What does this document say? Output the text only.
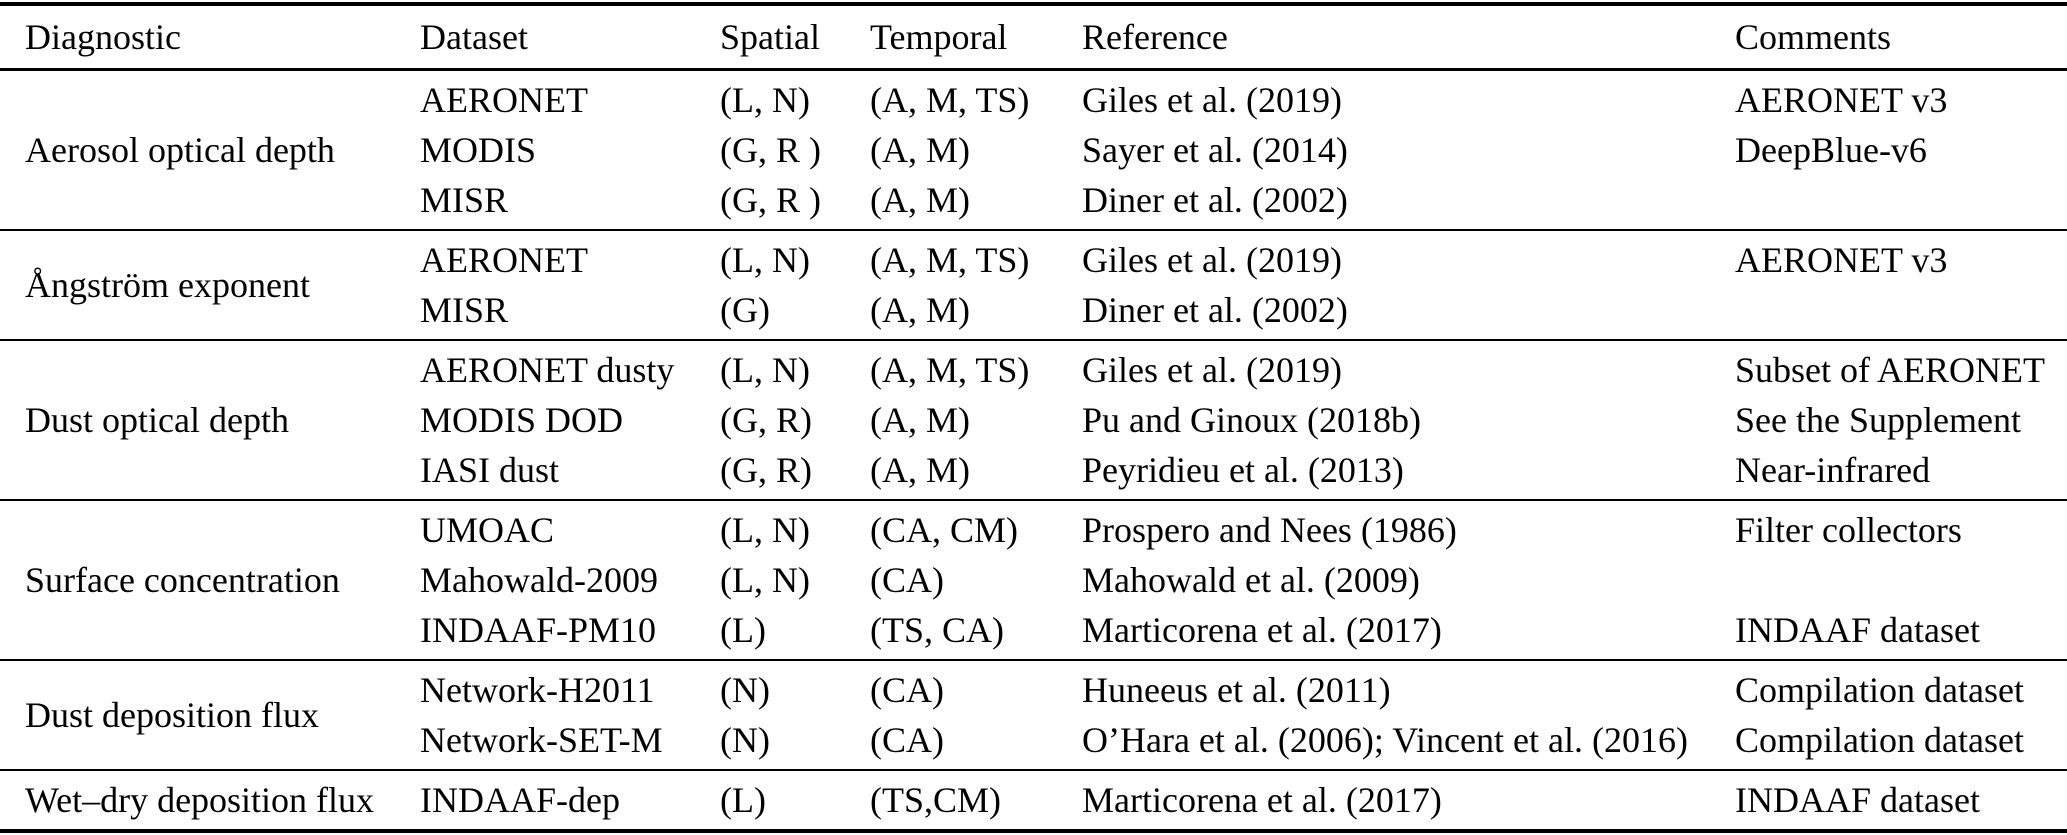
Diagnostic	Dataset	Spatial	Temporal	Reference	Comments
Aerosol optical depth
AERONET	(L, N)	(A, M, TS)	Giles et al. (2019)	AERONET v3
MODIS	(G, R )	(A, M)	Sayer et al. (2014)	DeepBlue-v6
MISR	(G, R )	(A, M)	Diner et al. (2002)
Ångström exponent
AERONET	(L, N)	(A, M, TS)	Giles et al. (2019)	AERONET v3
MISR	(G)	(A, M)	Diner et al. (2002)
Dust optical depth
AERONET dusty	(L, N)	(A, M, TS)	Giles et al. (2019)	Subset of AERONET
MODIS DOD	(G, R)	(A, M)	Pu and Ginoux (2018b)	See the Supplement
IASI dust	(G, R)	(A, M)	Peyridieu et al. (2013)	Near-infrared
Surface concentration
UMOAC	(L, N)	(CA, CM)	Prospero and Nees (1986)	Filter collectors
Mahowald-2009	(L, N)	(CA)	Mahowald et al. (2009)
INDAAF-PM10	(L)	(TS, CA)	Marticorena et al. (2017)	INDAAF dataset
Dust deposition flux
Network-H2011	(N)	(CA)	Huneeus et al. (2011)	Compilation dataset
Network-SET-M	(N)	(CA)	O’Hara et al. (2006); Vincent et al. (2016)	Compilation dataset
Wet–dry deposition flux	INDAAF-dep	(L)	(TS,CM)	Marticorena et al. (2017)	INDAAF dataset
